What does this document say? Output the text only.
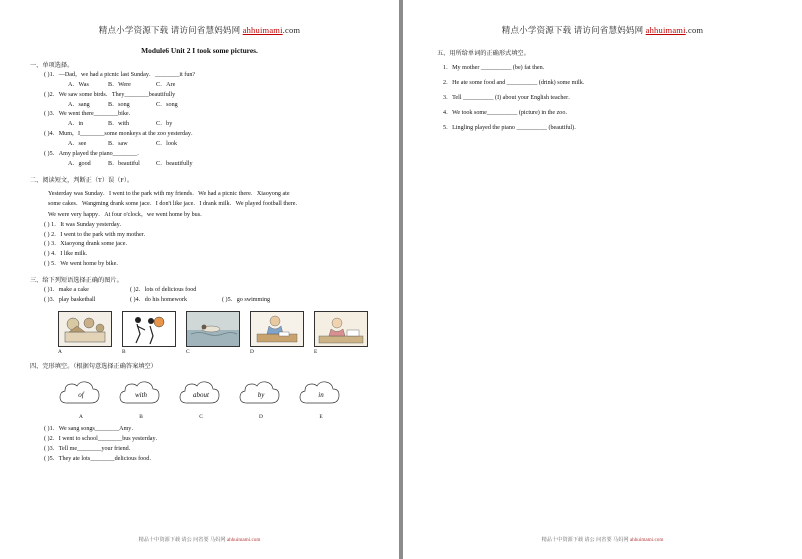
精点小学资源下载 请访问省慧妈妈网 ahhuimami.com
Module6 Unit 2 I took some pictures.
一、单项选择。
( )1．—Dad，we had a picnic last Sunday．________it fun?
A．Was	B．Were	C．Are
( )2．We saw some birds．They________beautifully
A．sang	B．song	C．song
( )3．We went there________bike．
A．in	B．with	C．by
( )4．Mum，I________some monkeys at the zoo yesterday．
A．see	B．saw	C．look
( )5．Amy played the piano________．
A．good	B．beautiful	C．beautifully
二、阅读短文，判断正（T）误（F）。
Yesterday was Sunday．I went to the park with my friends．We had a picnic there．Xiaoyong ate
some cakes．Wangming drank some jace．I don't like jace．I drank milk．We played football there．
We were very happy．At four o'clock，we went home by bus．
( ) 1．It was Sunday yesterday．
( ) 2．I went to the park with my mother．
( ) 3．Xiaoyong drank some jace．
( ) 4．I like milk．
( ) 5．We went home by bike．
三、给下列短语选择正确的图片。
( )1．make a cake	( )2．lots of delicious food
( )3．play basketball	( )4．do his homework	( )5．go swimming
A	B	C	D	E
四、完形填空。（根据句意选择正确答案填空）
of	with	about	by	in
A	B	C	D	E
( )1．We sang songs________Amy．
( )2．I went to school________bus yesterday．
( )3．Tell me________your friend．
( )5．They ate lots________delicious food．
精品十中资源下载 请公 问省要 马妈网 ahhuimami.com
精点小学资源下载 请访问省慧妈妈网 ahhuimami.com
五、用所给单词的正确形式填空。
1．My mother __________ (be) fat then．
2．He ate some food and __________ (drink) some milk．
3．Tell __________ (I) about your English teacher．
4．We took some__________ (picture) in the zoo．
5．Lingling played the piano __________ (beautiful)．
精品十中资源下载 请公 问省要 马妈网 ahhuimami.com
